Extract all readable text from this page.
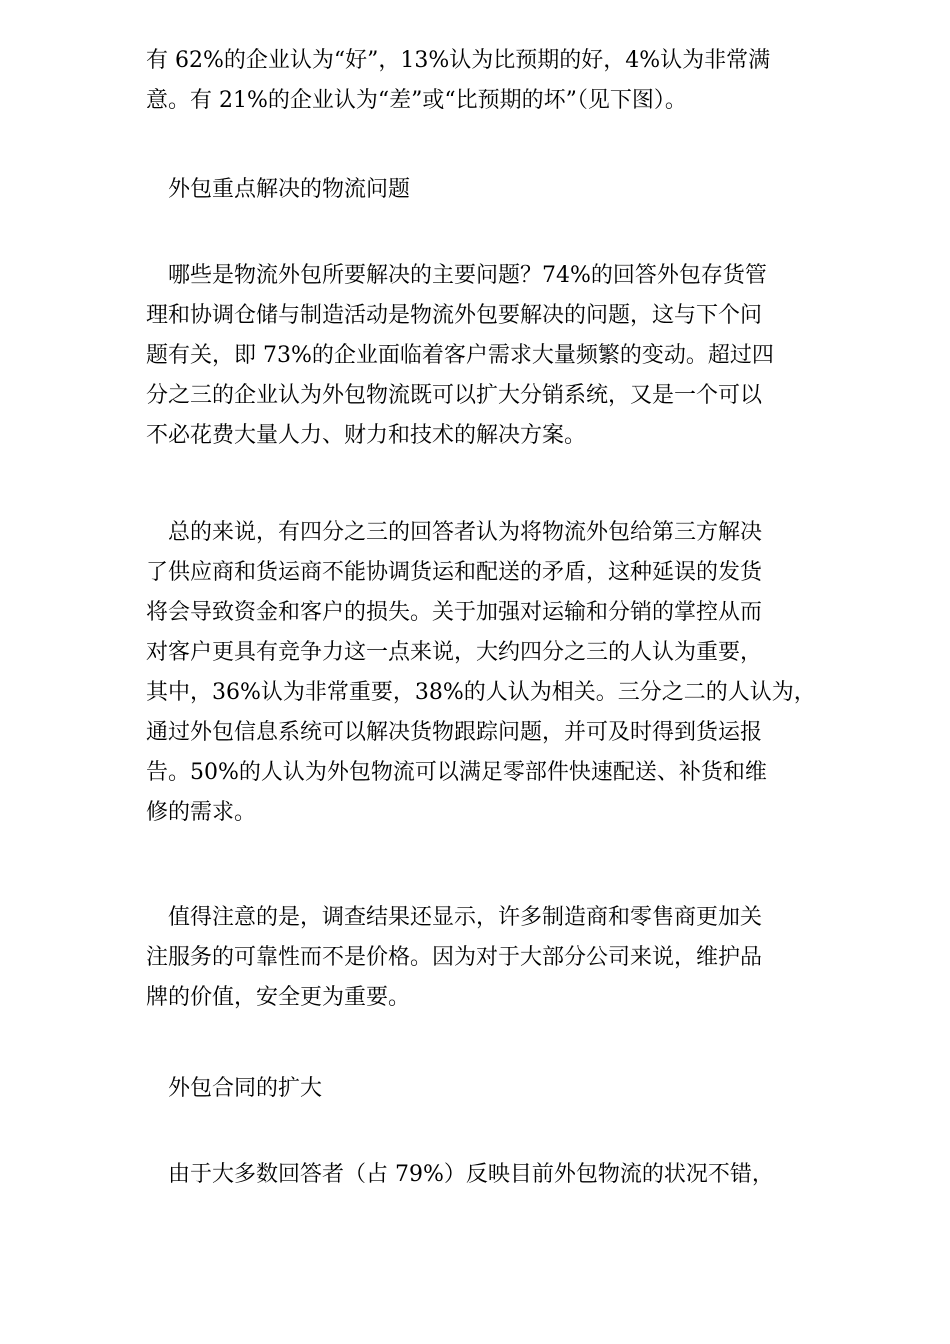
有 62%的企业认为“好”，13%认为比预期的好，4%认为非常满
意。有 21%的企业认为“差”或“比预期的坏”（见下图）。

　外包重点解决的物流问题

　哪些是物流外包所要解决的主要问题？74%的回答外包存货管
理和协调仓储与制造活动是物流外包要解决的问题，这与下个问
题有关，即 73%的企业面临着客户需求大量频繁的变动。超过四
分之三的企业认为外包物流既可以扩大分销系统，又是一个可以
不必花费大量人力、财力和技术的解决方案。

　总的来说，有四分之三的回答者认为将物流外包给第三方解决
了供应商和货运商不能协调货运和配送的矛盾，这种延误的发货
将会导致资金和客户的损失。关于加强对运输和分销的掌控从而
对客户更具有竞争力这一点来说，大约四分之三的人认为重要，
其中，36%认为非常重要，38%的人认为相关。三分之二的人认为，
通过外包信息系统可以解决货物跟踪问题，并可及时得到货运报
告。50%的人认为外包物流可以满足零部件快速配送、补货和维
修的需求。

　值得注意的是，调查结果还显示，许多制造商和零售商更加关
注服务的可靠性而不是价格。因为对于大部分公司来说，维护品
牌的价值，安全更为重要。

　外包合同的扩大

　由于大多数回答者（占 79%）反映目前外包物流的状况不错，
